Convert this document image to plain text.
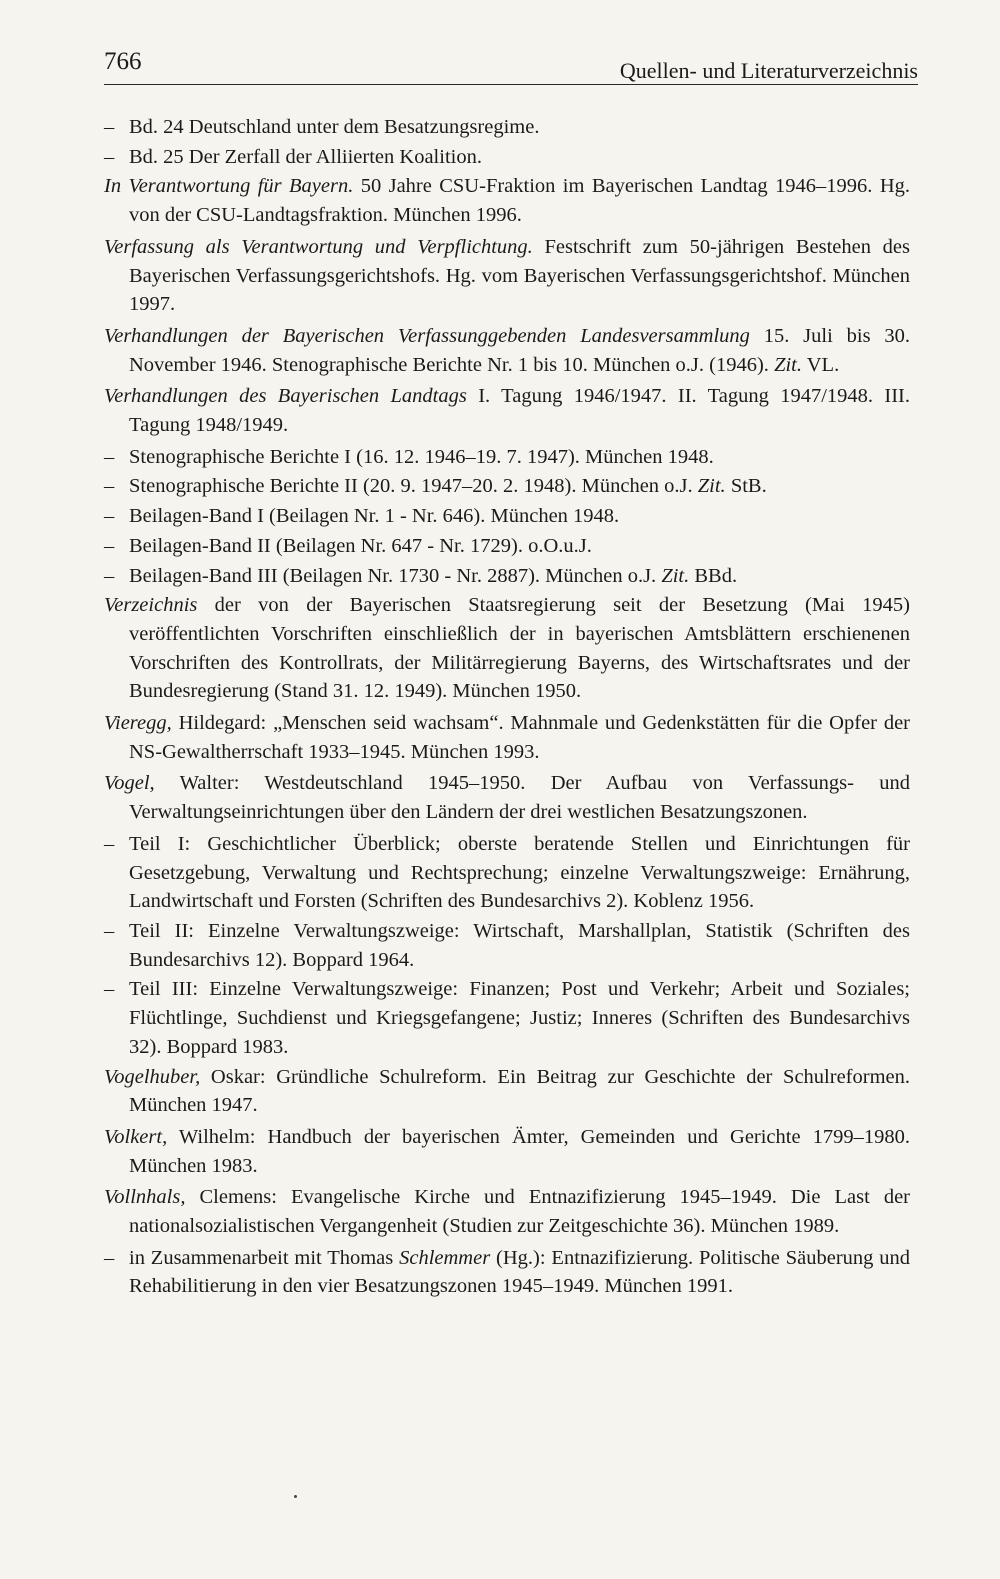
766	Quellen- und Literaturverzeichnis
– Bd. 24 Deutschland unter dem Besatzungsregime.
– Bd. 25 Der Zerfall der Alliierten Koalition.
In Verantwortung für Bayern. 50 Jahre CSU-Fraktion im Bayerischen Landtag 1946–1996. Hg. von der CSU-Landtagsfraktion. München 1996.
Verfassung als Verantwortung und Verpflichtung. Festschrift zum 50-jährigen Bestehen des Bayerischen Verfassungsgerichtshofs. Hg. vom Bayerischen Verfassungsgerichtshof. München 1997.
Verhandlungen der Bayerischen Verfassunggebenden Landesversammlung 15. Juli bis 30. November 1946. Stenographische Berichte Nr. 1 bis 10. München o.J. (1946). Zit. VL.
Verhandlungen des Bayerischen Landtags I. Tagung 1946/1947. II. Tagung 1947/1948. III. Tagung 1948/1949.
– Stenographische Berichte I (16. 12. 1946–19. 7. 1947). München 1948.
– Stenographische Berichte II (20. 9. 1947–20. 2. 1948). München o.J. Zit. StB.
– Beilagen-Band I (Beilagen Nr. 1 - Nr. 646). München 1948.
– Beilagen-Band II (Beilagen Nr. 647 - Nr. 1729). o.O.u.J.
– Beilagen-Band III (Beilagen Nr. 1730 - Nr. 2887). München o.J. Zit. BBd.
Verzeichnis der von der Bayerischen Staatsregierung seit der Besetzung (Mai 1945) veröffentlichten Vorschriften einschließlich der in bayerischen Amtsblättern erschienenen Vorschriften des Kontrollrats, der Militärregierung Bayerns, des Wirtschaftsrates und der Bundesregierung (Stand 31. 12. 1949). München 1950.
Vieregg, Hildegard: „Menschen seid wachsam“. Mahnmale und Gedenkstätten für die Opfer der NS-Gewaltherrschaft 1933–1945. München 1993.
Vogel, Walter: Westdeutschland 1945–1950. Der Aufbau von Verfassungs- und Verwaltungseinrichtungen über den Ländern der drei westlichen Besatzungszonen.
– Teil I: Geschichtlicher Überblick; oberste beratende Stellen und Einrichtungen für Gesetzgebung, Verwaltung und Rechtsprechung; einzelne Verwaltungszweige: Ernährung, Landwirtschaft und Forsten (Schriften des Bundesarchivs 2). Koblenz 1956.
– Teil II: Einzelne Verwaltungszweige: Wirtschaft, Marshallplan, Statistik (Schriften des Bundesarchivs 12). Boppard 1964.
– Teil III: Einzelne Verwaltungszweige: Finanzen; Post und Verkehr; Arbeit und Soziales; Flüchtlinge, Suchdienst und Kriegsgefangene; Justiz; Inneres (Schriften des Bundesarchivs 32). Boppard 1983.
Vogelhuber, Oskar: Gründliche Schulreform. Ein Beitrag zur Geschichte der Schulreformen. München 1947.
Volkert, Wilhelm: Handbuch der bayerischen Ämter, Gemeinden und Gerichte 1799–1980. München 1983.
Vollnhals, Clemens: Evangelische Kirche und Entnazifizierung 1945–1949. Die Last der nationalsozialistischen Vergangenheit (Studien zur Zeitgeschichte 36). München 1989.
– in Zusammenarbeit mit Thomas Schlemmer (Hg.): Entnazifizierung. Politische Säuberung und Rehabilitierung in den vier Besatzungszonen 1945–1949. München 1991.
